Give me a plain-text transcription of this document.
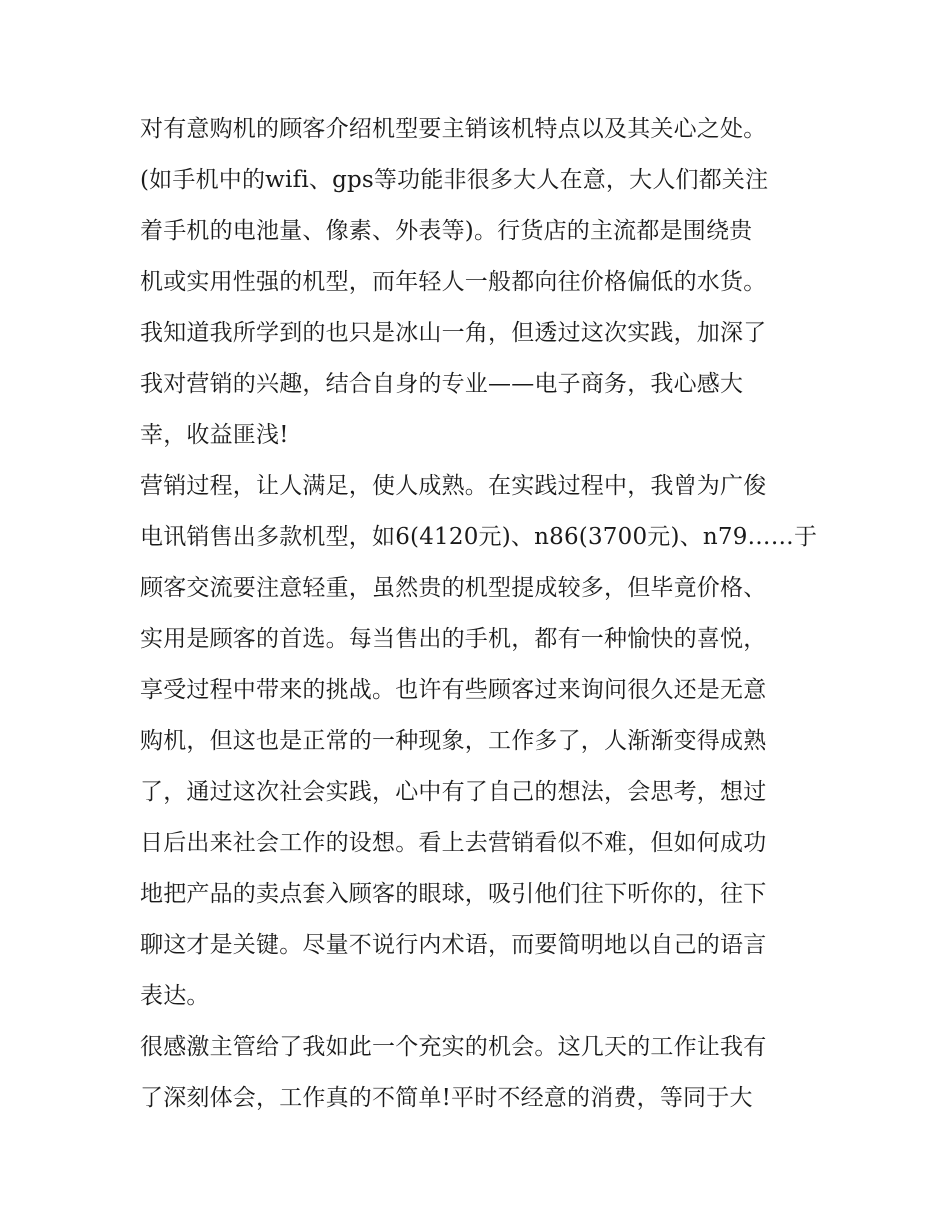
对有意购机的顾客介绍机型要主销该机特点以及其关心之处。
(如手机中的wifi、gps等功能非很多大人在意，大人们都关注
着手机的电池量、像素、外表等)。行货店的主流都是围绕贵
机或实用性强的机型，而年轻人一般都向往价格偏低的水货。
我知道我所学到的也只是冰山一角，但透过这次实践，加深了
我对营销的兴趣，结合自身的专业——电子商务，我心感大
幸，收益匪浅!
营销过程，让人满足，使人成熟。在实践过程中，我曾为广俊
电讯销售出多款机型，如6(4120元)、n86(3700元)、n79……于
顾客交流要注意轻重，虽然贵的机型提成较多，但毕竟价格、
实用是顾客的首选。每当售出的手机，都有一种愉快的喜悦，
享受过程中带来的挑战。也许有些顾客过来询问很久还是无意
购机，但这也是正常的一种现象，工作多了，人渐渐变得成熟
了，通过这次社会实践，心中有了自己的想法，会思考，想过
日后出来社会工作的设想。看上去营销看似不难，但如何成功
地把产品的卖点套入顾客的眼球，吸引他们往下听你的，往下
聊这才是关键。尽量不说行内术语，而要简明地以自己的语言
表达。
很感激主管给了我如此一个充实的机会。这几天的工作让我有
了深刻体会，工作真的不简单!平时不经意的消费，等同于大
